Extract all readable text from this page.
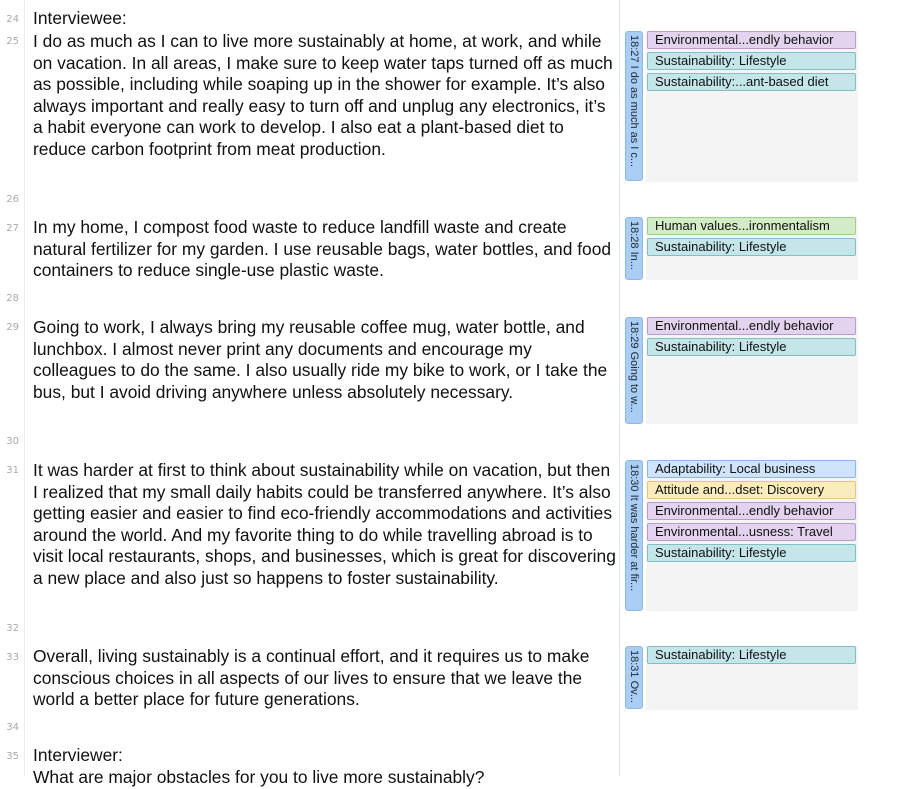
24
25
26
27
28
29
30
31
32
33
34
35
Interviewee:
I do as much as I can to live more sustainably at home, at work, and while on vacation. In all areas, I make sure to keep water taps turned off as much as possible, including while soaping up in the shower for example. It’s also always important and really easy to turn off and unplug any electronics, it’s a habit everyone can work to develop. I also eat a plant-based diet to reduce carbon footprint from meat production.
In my home, I compost food waste to reduce landfill waste and create natural fertilizer for my garden. I use reusable bags, water bottles, and food containers to reduce single-use plastic waste.
Going to work, I always bring my reusable coffee mug, water bottle, and lunchbox. I almost never print any documents and encourage my colleagues to do the same. I also usually ride my bike to work, or I take the bus, but I avoid driving anywhere unless absolutely necessary.
It was harder at first to think about sustainability while on vacation, but then I realized that my small daily habits could be transferred anywhere. It’s also getting easier and easier to find eco-friendly accommodations and activities around the world. And my favorite thing to do while travelling abroad is to visit local restaurants, shops, and businesses, which is great for discovering a new place and also just so happens to foster sustainability.
Overall, living sustainably is a continual effort, and it requires us to make conscious choices in all aspects of our lives to ensure that we leave the world a better place for future generations.
Interviewer:
What are major obstacles for you to live more sustainably?
18:27 I do as much as I c...
18:28 In...
18:29 Going to w...
18:30 It was harder at fir...
18:31 Ov...
Environmental...endly behavior
Sustainability: Lifestyle
Sustainability:...ant-based diet
Human values...ironmentalism
Sustainability: Lifestyle
Environmental...endly behavior
Sustainability: Lifestyle
Adaptability: Local business
Attitude and...dset: Discovery
Environmental...endly behavior
Environmental...usness: Travel
Sustainability: Lifestyle
Sustainability: Lifestyle
